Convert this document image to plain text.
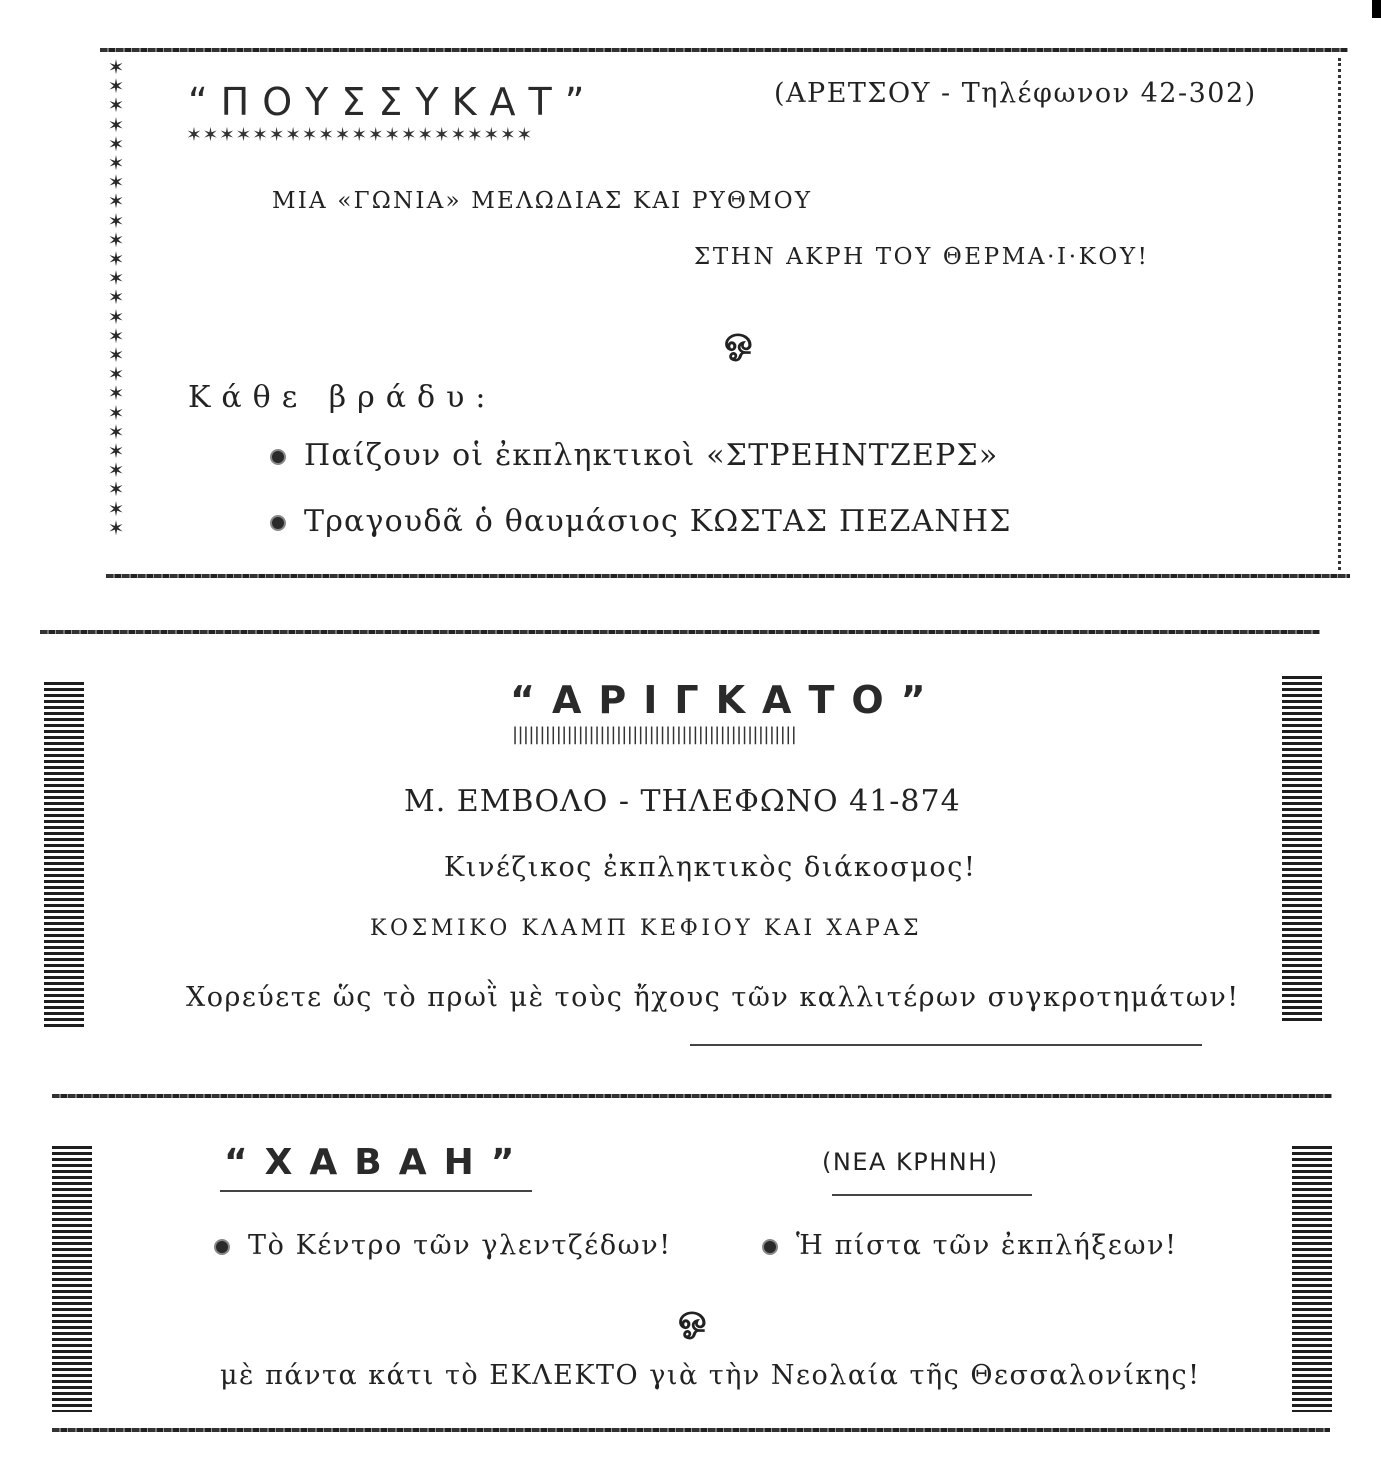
✶
✶
✶
✶
✶
✶
✶
✶
✶
✶
✶
✶
✶
✶
✶
✶
✶
✶
✶
✶
✶
✶
✶
✶
✶
“ΠΟΥΣΣΥΚΑΤ”
✶✶✶✶✶✶✶✶✶✶✶✶✶✶✶✶✶✶✶✶✶
(ΑΡΕΤΣΟΥ - Τηλέφωνον 42-302)
ΜΙΑ «ΓΩΝΙΑ» ΜΕΛΩΔΙΑΣ ΚΑΙ ΡΥΘΜΟΥ
ΣΤΗΝ ΑΚΡΗ ΤΟΥ ΘΕΡΜΑ·Ι·ΚΟΥ!
ஓ
Κάθε βράδυ:
Παίζουν οἱ ἐκπληκτικοὶ «ΣΤΡΕΗΝΤΖΕΡΣ»
Τραγουδᾶ ὁ θαυμάσιος ΚΩΣΤΑΣ ΠΕΖΑΝΗΣ
“ΑΡΙΓΚΑΤΟ”
||||||||||||||||||||||||||||||||||||||||||||||||||||
Μ. ΕΜΒΟΛΟ - ΤΗΛΕΦΩΝΟ 41-874
Κινέζικος ἐκπληκτικὸς διάκοσμος!
ΚΟΣΜΙΚΟ ΚΛΑΜΠ ΚΕΦΙΟΥ ΚΑΙ ΧΑΡΑΣ
Χορεύετε ὥς τὸ πρωῒ μὲ τοὺς ἤχους τῶν καλλιτέρων συγκροτημάτων!
“ΧΑΒΑΗ”	(ΝΕΑ ΚΡΗΝΗ)
Τὸ Κέντρο τῶν γλεντζέδων!	Ἡ πίστα τῶν ἐκπλήξεων!
ஓ
μὲ πάντα κάτι τὸ ΕΚΛΕΚΤΟ γιὰ τὴν Νεολαία τῆς Θεσσαλονίκης!
